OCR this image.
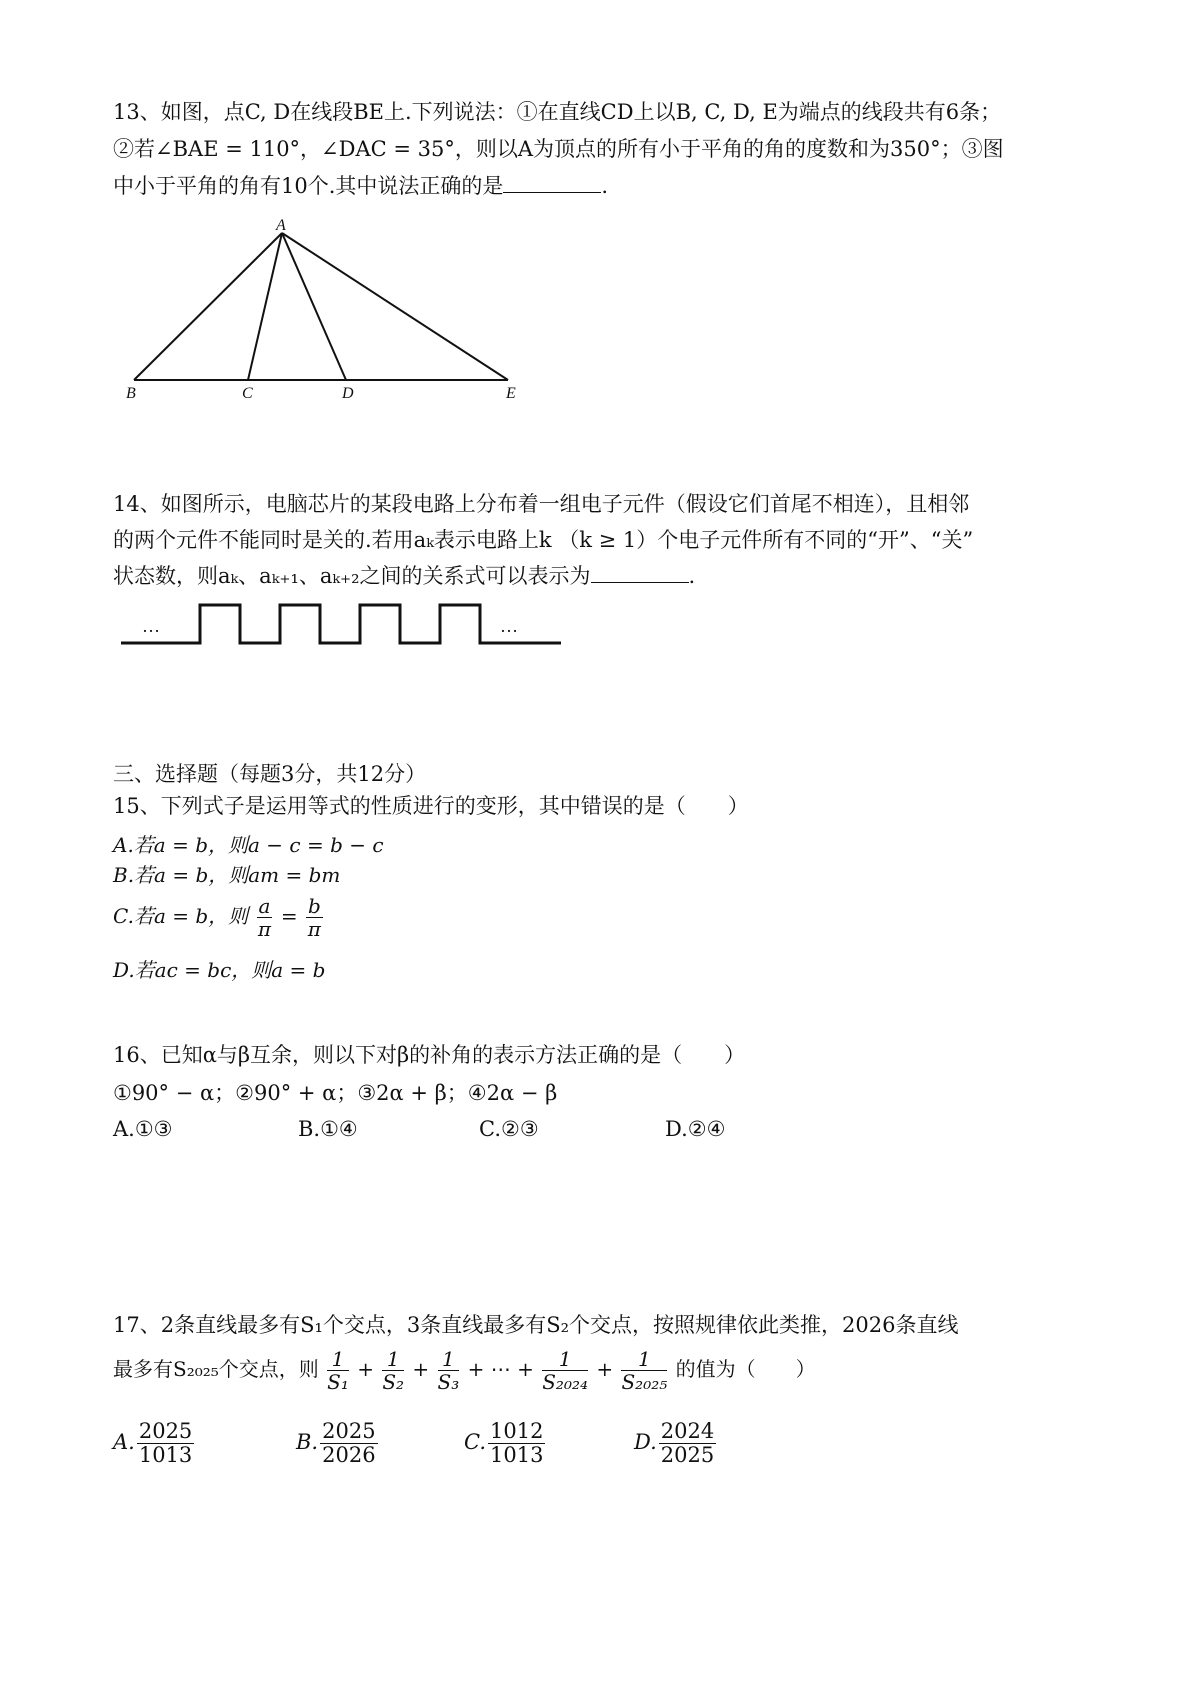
13、如图，点C, D在线段BE上.下列说法：①在直线CD上以B, C, D, E为端点的线段共有6条；
②若∠BAE = 110°，∠DAC = 35°，则以A为顶点的所有小于平角的角的度数和为350°；③图
中小于平角的角有10个.其中说法正确的是	.
A
B	C	D	E
14、如图所示，电脑芯片的某段电路上分布着一组电子元件（假设它们首尾不相连），且相邻
的两个元件不能同时是关的.若用aₖ表示电路上k （k ≥ 1）个电子元件所有不同的“开”、“关”
状态数，则aₖ、aₖ₊₁、aₖ₊₂之间的关系式可以表示为	.
…	…
三、选择题（每题3分，共12分）
15、下列式子是运用等式的性质进行的变形，其中错误的是（　　）
A.若a = b，则a − c = b − c
B.若a = b，则am = bm
C.若a = b，则 $\frac{a}{\pi} = \frac{b}{\pi}$
D.若ac = bc，则a = b
16、已知α与β互余，则以下对β的补角的表示方法正确的是（　　）
①90° − α；②90° + α；③2α + β；④2α − β
A.①③	B.①④	C.②③	D.②④
17、2条直线最多有S₁个交点，3条直线最多有S₂个交点，按照规律依此类推，2026条直线
最多有S₂₀₂₅个交点，则 $\frac{1}{\text{S₁}} + \frac{1}{\text{S₂}} + \frac{1}{\text{S₃}}$ + ⋯ + $\frac{1}{\text{S₂₀₂₄}} + \frac{1}{\text{S₂₀₂₅}}$ 的值为（　　）
A. $\frac{2025}{1013}$	B. $\frac{2025}{2026}$	C. $\frac{1012}{1013}$	D. $\frac{2024}{2025}$
